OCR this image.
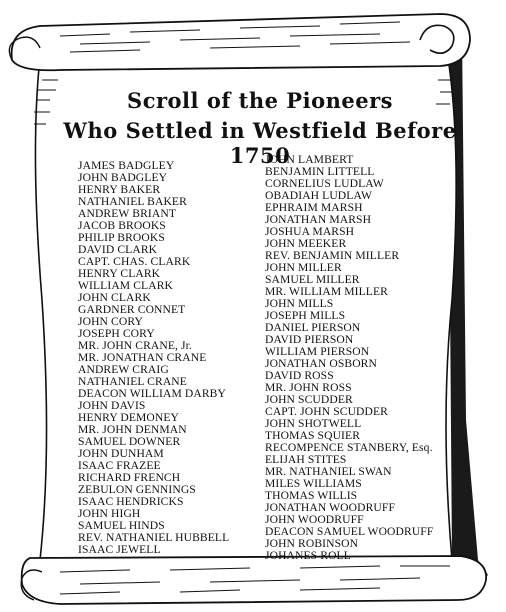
Scroll of the Pioneers
Who Settled in Westfield Before 1750
JAMES BADGLEY
JOHN BADGLEY
HENRY BAKER
NATHANIEL BAKER
ANDREW BRIANT
JACOB BROOKS
PHILIP BROOKS
DAVID CLARK
CAPT. CHAS. CLARK
HENRY CLARK
WILLIAM CLARK
JOHN CLARK
GARDNER CONNET
JOHN CORY
JOSEPH CORY
MR. JOHN CRANE, Jr.
MR. JONATHAN CRANE
ANDREW CRAIG
NATHANIEL CRANE
DEACON WILLIAM DARBY
JOHN DAVIS
HENRY DEMONEY
MR. JOHN DENMAN
SAMUEL DOWNER
JOHN DUNHAM
ISAAC FRAZEE
RICHARD FRENCH
ZEBULON GENNINGS
ISAAC HENDRICKS
JOHN HIGH
SAMUEL HINDS
REV. NATHANIEL HUBBELL
ISAAC JEWELL
JOHN LAMBERT
BENJAMIN LITTELL
CORNELIUS LUDLAW
OBADIAH LUDLAW
EPHRAIM MARSH
JONATHAN MARSH
JOSHUA MARSH
JOHN MEEKER
REV. BENJAMIN MILLER
JOHN MILLER
SAMUEL MILLER
MR. WILLIAM MILLER
JOHN MILLS
JOSEPH MILLS
DANIEL PIERSON
DAVID PIERSON
WILLIAM PIERSON
JONATHAN OSBORN
DAVID ROSS
MR. JOHN ROSS
JOHN SCUDDER
CAPT. JOHN SCUDDER
JOHN SHOTWELL
THOMAS SQUIER
RECOMPENCE STANBERY, Esq.
ELIJAH STITES
MR. NATHANIEL SWAN
MILES WILLIAMS
THOMAS WILLIS
JONATHAN WOODRUFF
JOHN WOODRUFF
DEACON SAMUEL WOODRUFF
JOHN ROBINSON
JOHANES ROLL
